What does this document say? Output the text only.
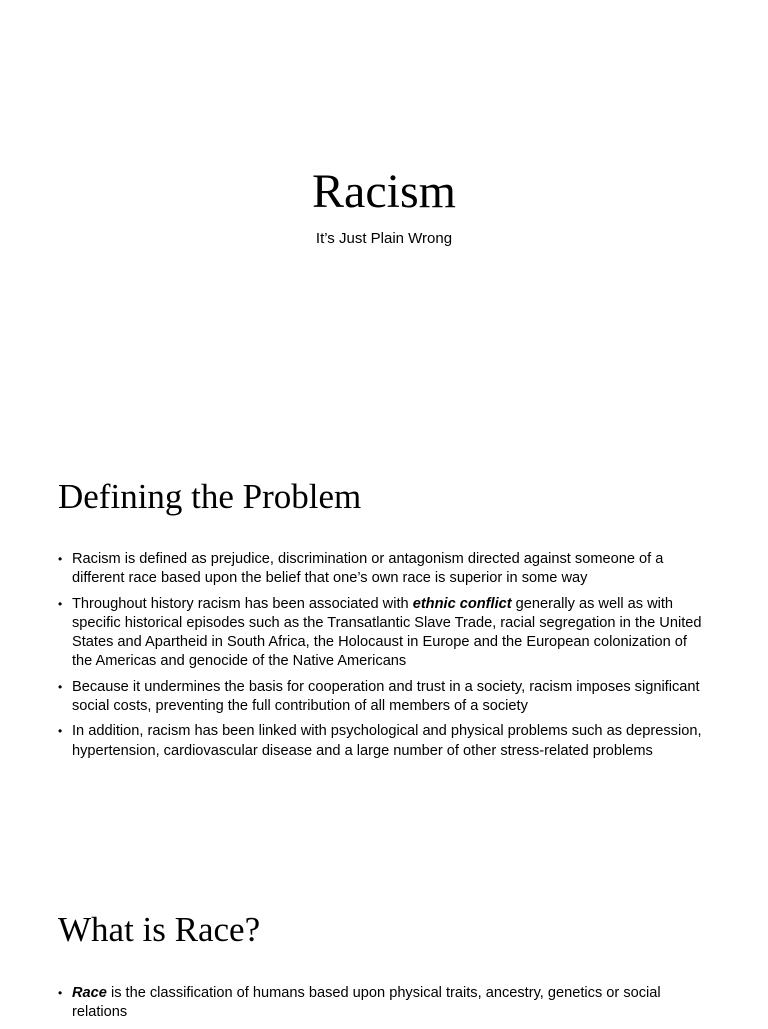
Racism
It’s Just Plain Wrong
Defining the Problem
• Racism is defined as prejudice, discrimination or antagonism directed against someone of a different race based upon the belief that one’s own race is superior in some way
• Throughout history racism has been associated with ethnic conflict generally as well as with specific historical episodes such as the Transatlantic Slave Trade, racial segregation in the United States and Apartheid in South Africa, the Holocaust in Europe and the European colonization of the Americas and genocide of the Native Americans
• Because it undermines the basis for cooperation and trust in a society, racism imposes significant social costs, preventing the full contribution of all members of a society
• In addition, racism has been linked with psychological and physical problems such as depression, hypertension, cardiovascular disease and a large number of other stress-related problems
What is Race?
• Race is the classification of humans based upon physical traits, ancestry, genetics or social relations
